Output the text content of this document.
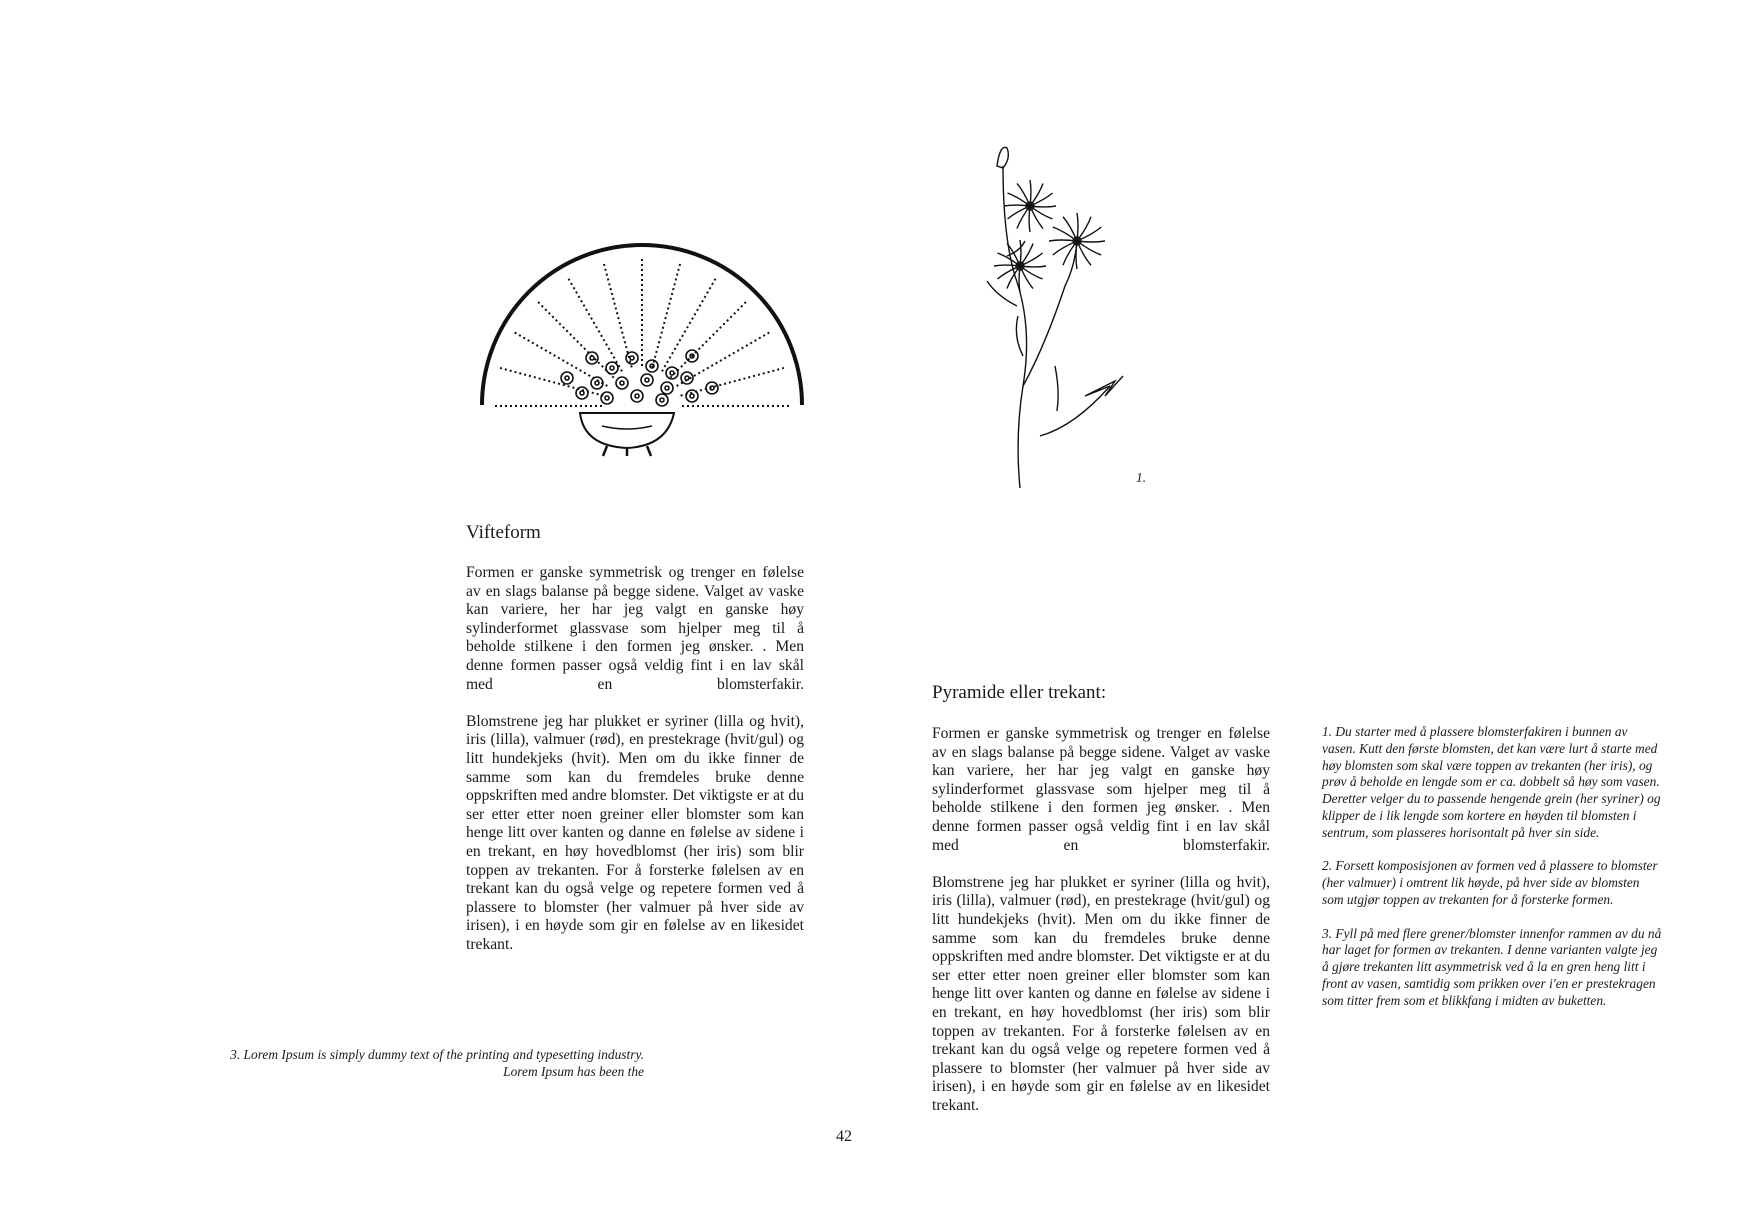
Vifteform

Formen er ganske symmetrisk og trenger en følelse av en slags balanse på begge sidene. Valget av vaske kan variere, her har jeg valgt en ganske høy sylinderformet glassvase som hjelper meg til å beholde stilkene i den formen jeg ønsker. . Men denne formen passer også veldig fint i en lav skål med en blomsterfakir.

Blomstrene jeg har plukket er syriner (lilla og hvit), iris (lilla), valmuer (rød), en prestekrage (hvit/gul) og litt hundekjeks (hvit). Men om du ikke finner de samme som kan du fremdeles bruke denne oppskriften med andre blomster. Det viktigste er at du ser etter etter noen greiner eller blomster som kan henge litt over kanten og danne en følelse av sidene i en trekant, en høy hovedblomst (her iris) som blir toppen av trekanten. For å forsterke følelsen av en trekant kan du også velge og repetere formen ved å plassere to blomster (her valmuer på hver side av irisen), i en høyde som gir en følelse av en likesidet trekant.

3. Lorem Ipsum is simply dummy text of the printing and typesetting industry. Lorem Ipsum has been the

1.
Pyramide eller trekant:

Formen er ganske symmetrisk og trenger en følelse av en slags balanse på begge sidene. Valget av vaske kan variere, her har jeg valgt en ganske høy sylinderformet glassvase som hjelper meg til å beholde stilkene i den formen jeg ønsker. . Men denne formen passer også veldig fint i en lav skål med en blomsterfakir.

Blomstrene jeg har plukket er syriner (lilla og hvit), iris (lilla), valmuer (rød), en prestekrage (hvit/gul) og litt hundekjeks (hvit). Men om du ikke finner de samme som kan du fremdeles bruke denne oppskriften med andre blomster. Det viktigste er at du ser etter etter noen greiner eller blomster som kan henge litt over kanten og danne en følelse av sidene i en trekant, en høy hovedblomst (her iris) som blir toppen av trekanten. For å forsterke følelsen av en trekant kan du også velge og repetere formen ved å plassere to blomster (her valmuer på hver side av irisen), i en høyde som gir en følelse av en likesidet trekant.

1. Du starter med å plassere blomsterfakiren i bunnen av vasen. Kutt den første blomsten, det kan være lurt å starte med høy blomsten som skal være toppen av trekanten (her iris), og prøv å beholde en lengde som er ca. dobbelt så høy som vasen. Deretter velger du to passende hengende grein (her syriner) og klipper de i lik lengde som kortere en høyden til blomsten i sentrum, som plasseres horisontalt på hver sin side.

2. Forsett komposisjonen av formen ved å plassere to blomster (her valmuer) i omtrent lik høyde, på hver side av blomsten som utgjør toppen av trekanten for å forsterke formen.

3. Fyll på med flere grener/blomster innenfor rammen av du nå har laget for formen av trekanten. I denne varianten valgte jeg å gjøre trekanten litt asymmetrisk ved å la en gren heng litt i front av vasen, samtidig som prikken over i'en er prestekragen som titter frem som et blikkfang i midten av buketten.

42
